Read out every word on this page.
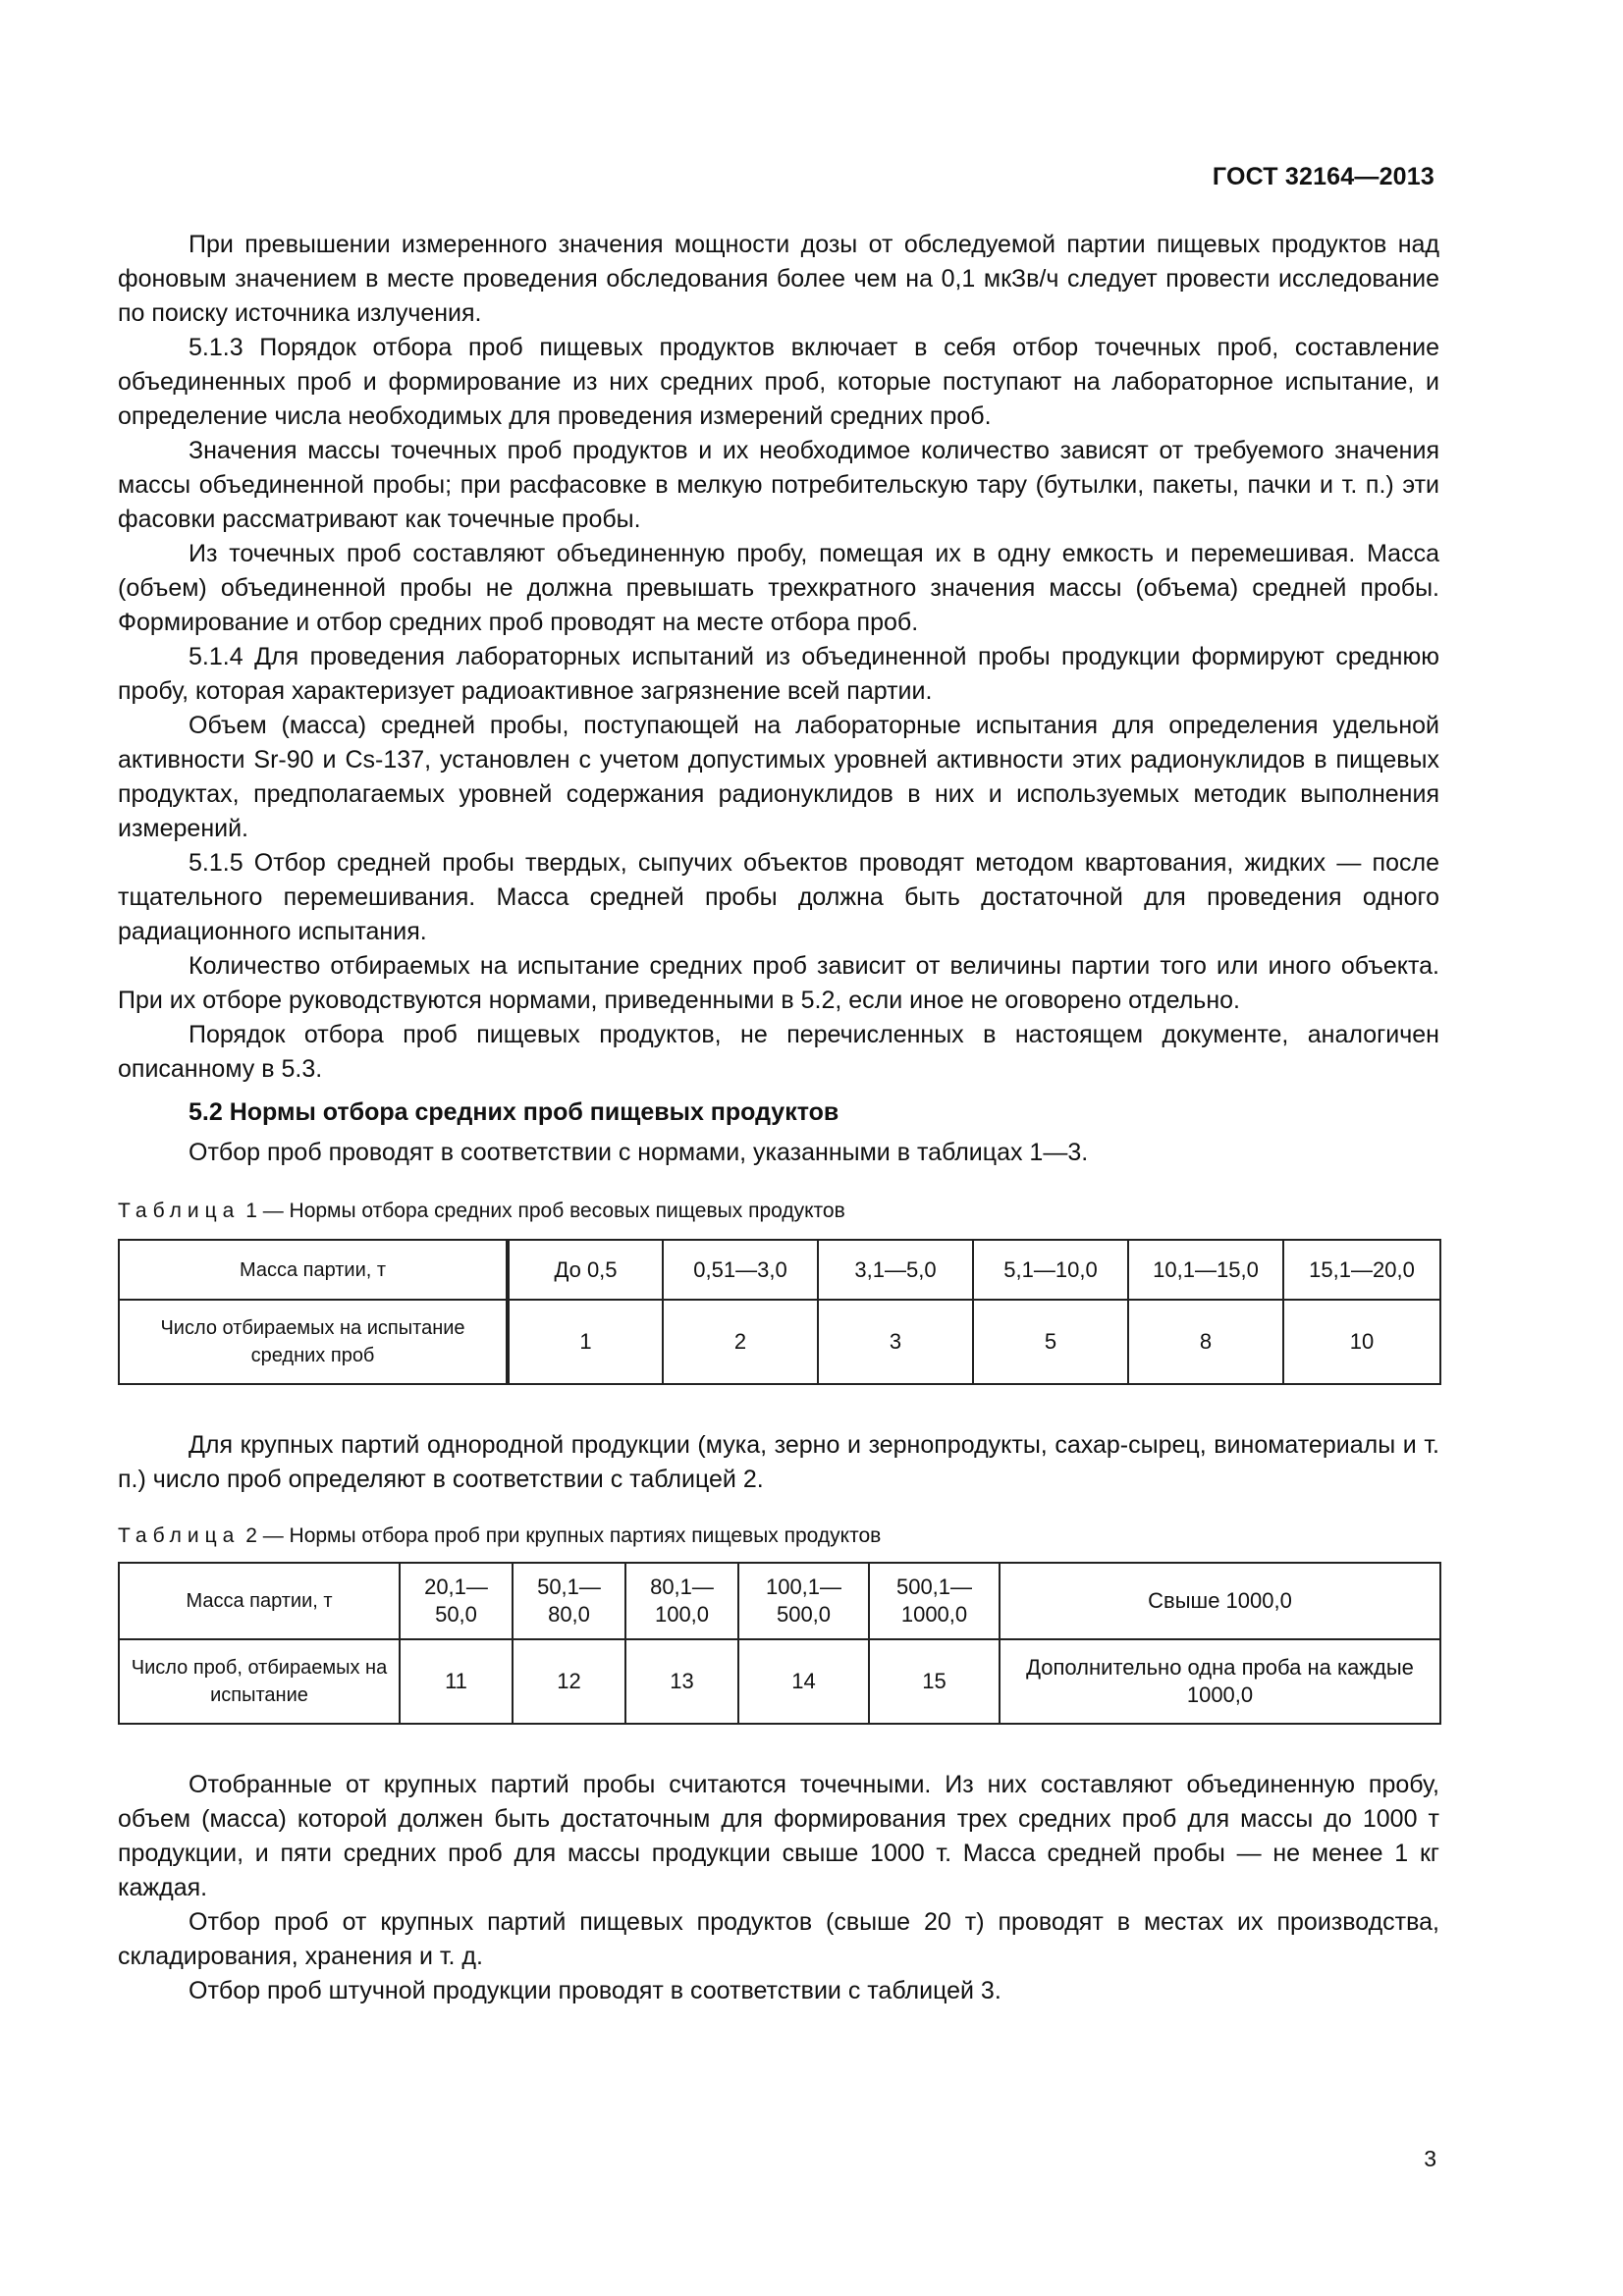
ГОСТ 32164—2013

При превышении измеренного значения мощности дозы от обследуемой партии пищевых продуктов над фоновым значением в месте проведения обследования более чем на 0,1 мкЗв/ч следует провести исследование по поиску источника излучения.

5.1.3 Порядок отбора проб пищевых продуктов включает в себя отбор точечных проб, составление объединенных проб и формирование из них средних проб, которые поступают на лабораторное испытание, и определение числа необходимых для проведения измерений средних проб.

Значения массы точечных проб продуктов и их необходимое количество зависят от требуемого значения массы объединенной пробы; при расфасовке в мелкую потребительскую тару (бутылки, пакеты, пачки и т. п.) эти фасовки рассматривают как точечные пробы.

Из точечных проб составляют объединенную пробу, помещая их в одну емкость и перемешивая. Масса (объем) объединенной пробы не должна превышать трехкратного значения массы (объема) средней пробы. Формирование и отбор средних проб проводят на месте отбора проб.

5.1.4 Для проведения лабораторных испытаний из объединенной пробы продукции формируют среднюю пробу, которая характеризует радиоактивное загрязнение всей партии.

Объем (масса) средней пробы, поступающей на лабораторные испытания для определения удельной активности Sr-90 и Cs-137, установлен с учетом допустимых уровней активности этих радионуклидов в пищевых продуктах, предполагаемых уровней содержания радионуклидов в них и используемых методик выполнения измерений.

5.1.5 Отбор средней пробы твердых, сыпучих объектов проводят методом квартования, жидких — после тщательного перемешивания. Масса средней пробы должна быть достаточной для проведения одного радиационного испытания.

Количество отбираемых на испытание средних проб зависит от величины партии того или иного объекта. При их отборе руководствуются нормами, приведенными в 5.2, если иное не оговорено отдельно.

Порядок отбора проб пищевых продуктов, не перечисленных в настоящем документе, аналогичен описанному в 5.3.

5.2 Нормы отбора средних проб пищевых продуктов

Отбор проб проводят в соответствии с нормами, указанными в таблицах 1—3.

Таблица 1 — Нормы отбора средних проб весовых пищевых продуктов
Масса партии, т	До 0,5	0,51—3,0	3,1—5,0	5,1—10,0	10,1—15,0	15,1—20,0
Число отбираемых на испытание средних проб	1	2	3	5	8	10

Для крупных партий однородной продукции (мука, зерно и зернопродукты, сахар-сырец, виноматериалы и т. п.) число проб определяют в соответствии с таблицей 2.

Таблица 2 — Нормы отбора проб при крупных партиях пищевых продуктов
Масса партии, т	20,1— 50,0	50,1— 80,0	80,1— 100,0	100,1— 500,0	500,1— 1000,0	Свыше 1000,0
Число проб, отбираемых на испытание	11	12	13	14	15	Дополнительно одна проба на каждые 1000,0

Отобранные от крупных партий пробы считаются точечными. Из них составляют объединенную пробу, объем (масса) которой должен быть достаточным для формирования трех средних проб для массы до 1000 т продукции, и пяти средних проб для массы продукции свыше 1000 т. Масса средней пробы — не менее 1 кг каждая.

Отбор проб от крупных партий пищевых продуктов (свыше 20 т) проводят в местах их производства, складирования, хранения и т. д.

Отбор проб штучной продукции проводят в соответствии с таблицей 3.

3
